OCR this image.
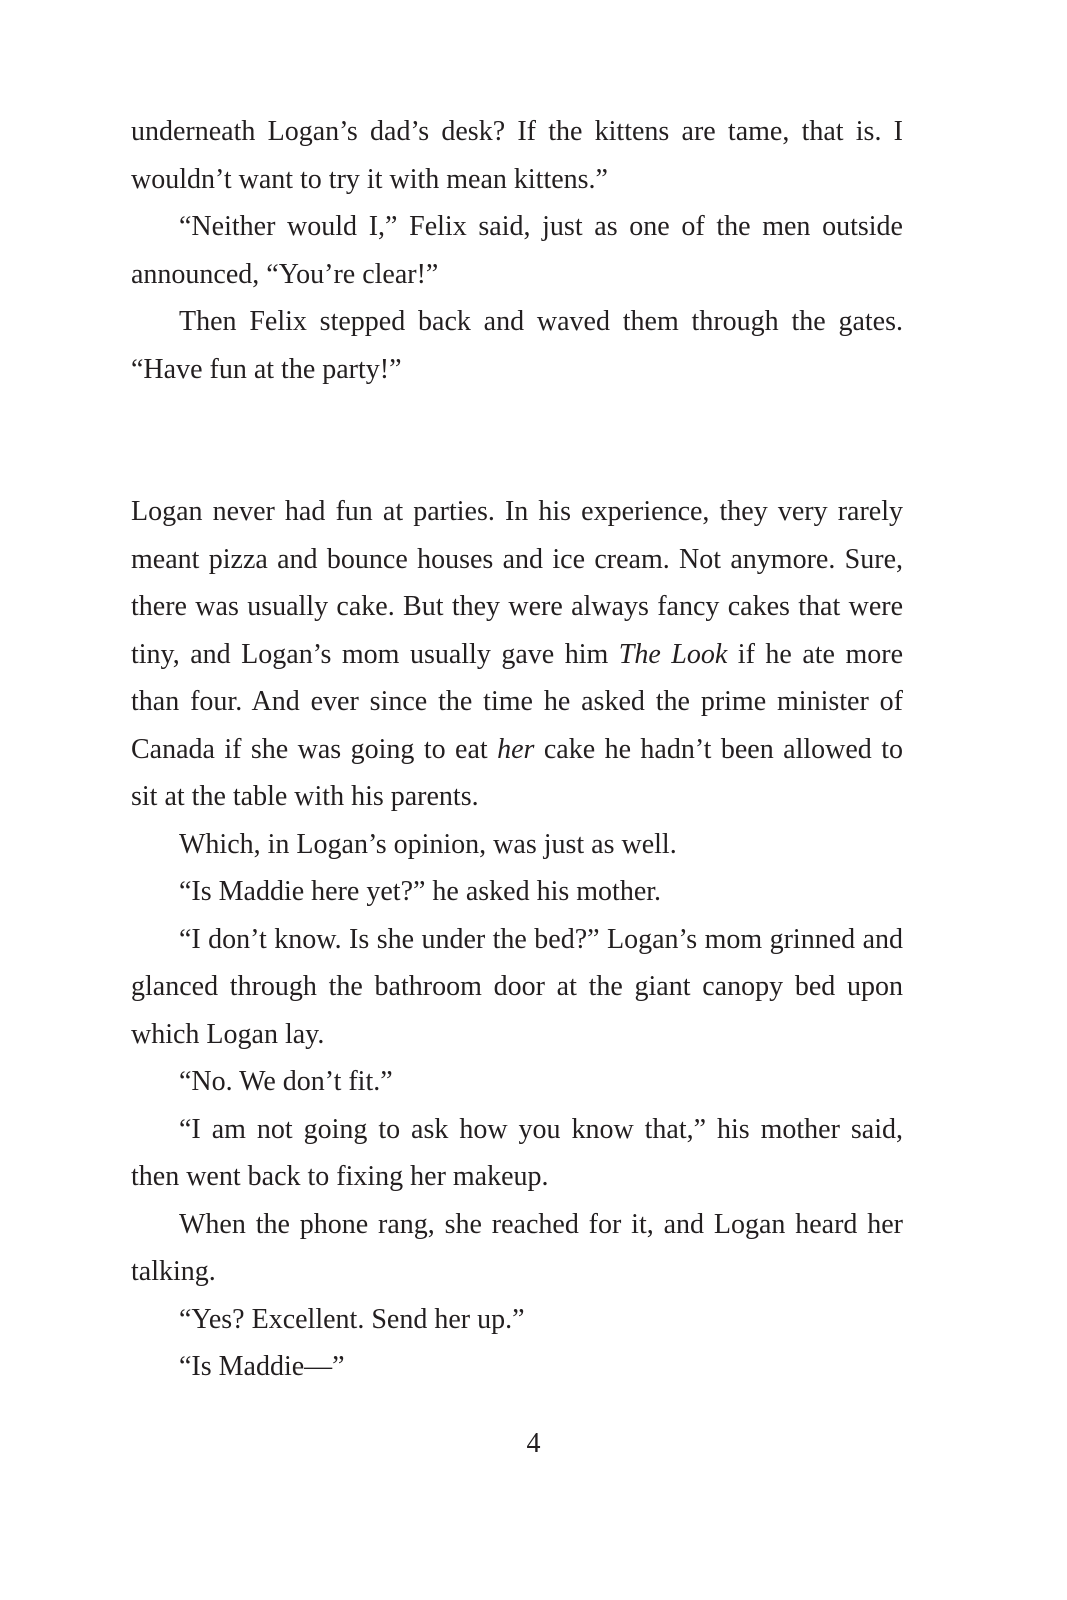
underneath Logan’s dad’s desk? If the kittens are tame, that is. I wouldn’t want to try it with mean kittens.”

“Neither would I,” Felix said, just as one of the men outside announced, “You’re clear!”

Then Felix stepped back and waved them through the gates. “Have fun at the party!”

Logan never had fun at parties. In his experience, they very rarely meant pizza and bounce houses and ice cream. Not anymore. Sure, there was usually cake. But they were always fancy cakes that were tiny, and Logan’s mom usually gave him The Look if he ate more than four. And ever since the time he asked the prime minister of Canada if she was going to eat her cake he hadn’t been allowed to sit at the table with his parents.

Which, in Logan’s opinion, was just as well.

“Is Maddie here yet?” he asked his mother.

“I don’t know. Is she under the bed?” Logan’s mom grinned and glanced through the bathroom door at the giant canopy bed upon which Logan lay.

“No. We don’t fit.”

“I am not going to ask how you know that,” his mother said, then went back to fixing her makeup.

When the phone rang, she reached for it, and Logan heard her talking.

“Yes? Excellent. Send her up.”

“Is Maddie—”

4
